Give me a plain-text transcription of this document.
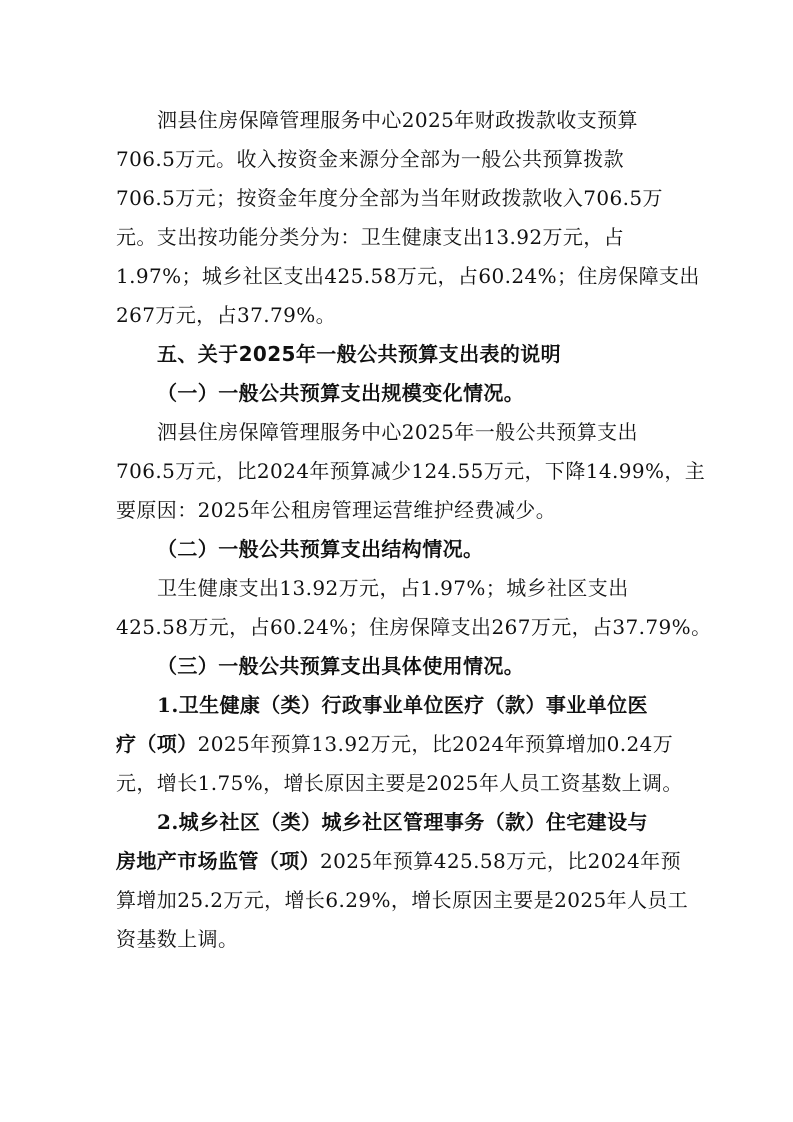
泗县住房保障管理服务中心2025年财政拨款收支预算
706.5万元。收入按资金来源分全部为一般公共预算拨款
706.5万元；按资金年度分全部为当年财政拨款收入706.5万
元。支出按功能分类分为：卫生健康支出13.92万元，占
1.97%；城乡社区支出425.58万元，占60.24%；住房保障支出
267万元，占37.79%。
五、关于2025年一般公共预算支出表的说明
（一）一般公共预算支出规模变化情况。
泗县住房保障管理服务中心2025年一般公共预算支出
706.5万元，比2024年预算减少124.55万元，下降14.99%，主
要原因：2025年公租房管理运营维护经费减少。
（二）一般公共预算支出结构情况。
卫生健康支出13.92万元，占1.97%；城乡社区支出
425.58万元，占60.24%；住房保障支出267万元，占37.79%。
（三）一般公共预算支出具体使用情况。
1.卫生健康（类）行政事业单位医疗（款）事业单位医
疗（项）2025年预算13.92万元，比2024年预算增加0.24万
元，增长1.75%，增长原因主要是2025年人员工资基数上调。
2.城乡社区（类）城乡社区管理事务（款）住宅建设与
房地产市场监管（项）2025年预算425.58万元，比2024年预
算增加25.2万元，增长6.29%，增长原因主要是2025年人员工
资基数上调。
